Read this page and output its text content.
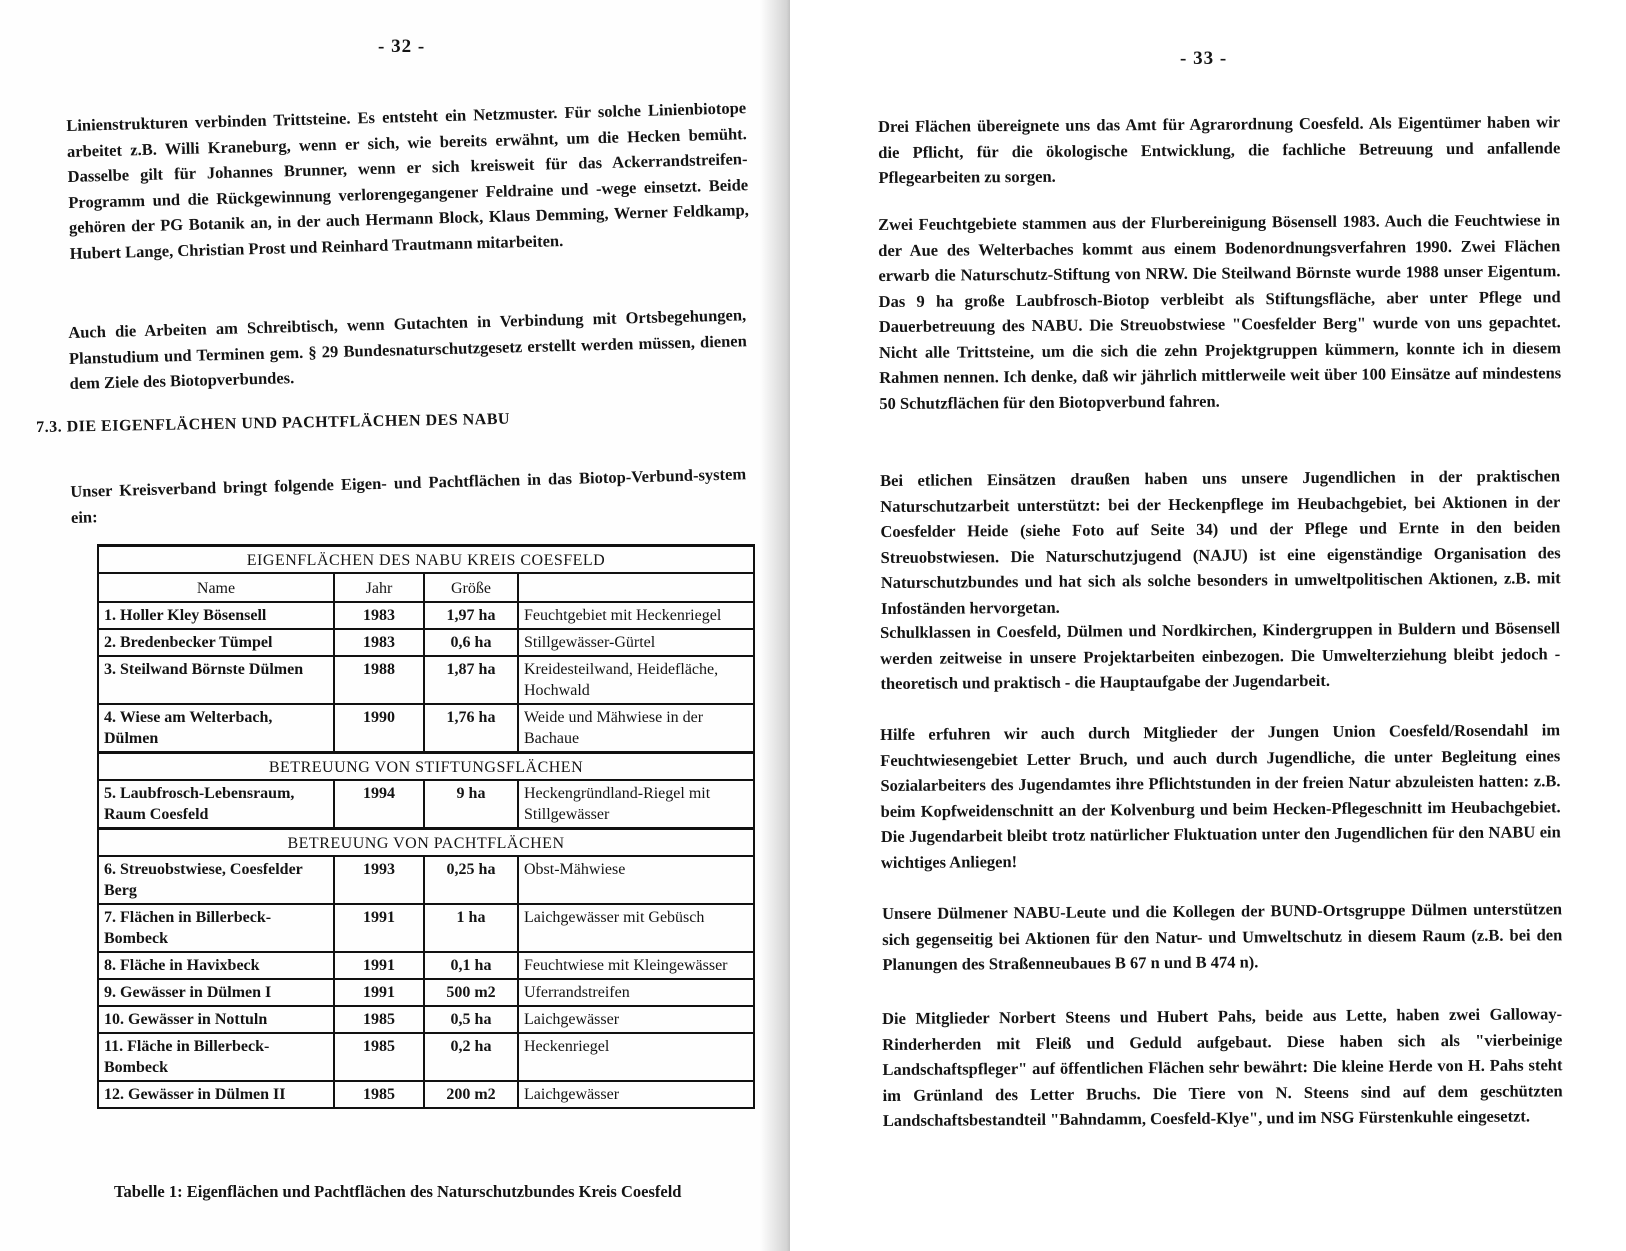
- 32 -

Linienstrukturen verbinden Trittsteine. Es entsteht ein Netzmuster. Für solche Linienbiotope arbeitet z.B. Willi Kraneburg, wenn er sich, wie bereits erwähnt, um die Hecken bemüht. Dasselbe gilt für Johannes Brunner, wenn er sich kreisweit für das Ackerrandstreifen-Programm und die Rückgewinnung verlorengegangener Feldraine und -wege einsetzt. Beide gehören der PG Botanik an, in der auch Hermann Block, Klaus Demming, Werner Feldkamp, Hubert Lange, Christian Prost und Reinhard Trautmann mitarbeiten.

Auch die Arbeiten am Schreibtisch, wenn Gutachten in Verbindung mit Ortsbegehungen, Planstudium und Terminen gem. § 29 Bundesnaturschutzgesetz erstellt werden müssen, dienen dem Ziele des Biotopverbundes.

7.3. DIE EIGENFLÄCHEN UND PACHTFLÄCHEN DES NABU

Unser Kreisverband bringt folgende Eigen- und Pachtflächen in das Biotop-Verbund-system ein:

EIGENFLÄCHEN DES NABU KREIS COESFELD			
Name	Jahr	Größe	
1. Holler Kley Bösensell	1983	1,97 ha	Feuchtgebiet mit Heckenriegel
2. Bredenbecker Tümpel	1983	0,6 ha	Stillgewässer-Gürtel
3. Steilwand Börnste Dülmen	1988	1,87 ha	Kreidesteilwand, Heidefläche, Hochwald
4. Wiese am Welterbach, Dülmen	1990	1,76 ha	Weide und Mähwiese in der Bachaue
BETREUUNG VON STIFTUNGSFLÄCHEN			
5. Laubfrosch-Lebensraum, Raum Coesfeld	1994	9 ha	Heckengründland-Riegel mit Stillgewässer
BETREUUNG VON PACHTFLÄCHEN			
6. Streuobstwiese, Coesfelder Berg	1993	0,25 ha	Obst-Mähwiese
7. Flächen in Billerbeck-Bombeck	1991	1 ha	Laichgewässer mit Gebüsch
8. Fläche in Havixbeck	1991	0,1 ha	Feuchtwiese mit Kleingewässer
9. Gewässer in Dülmen I	1991	500 m2	Uferrandstreifen
10. Gewässer in Nottuln	1985	0,5 ha	Laichgewässer
11. Fläche in Billerbeck-Bombeck	1985	0,2 ha	Heckenriegel
12. Gewässer in Dülmen II	1985	200 m2	Laichgewässer

Tabelle 1: Eigenflächen und Pachtflächen des Naturschutzbundes Kreis Coesfeld

- 33 -

Drei Flächen übereignete uns das Amt für Agrarordnung Coesfeld. Als Eigentümer haben wir die Pflicht, für die ökologische Entwicklung, die fachliche Betreuung und anfallende Pflegearbeiten zu sorgen.

Zwei Feuchtgebiete stammen aus der Flurbereinigung Bösensell 1983. Auch die Feuchtwiese in der Aue des Welterbaches kommt aus einem Bodenordnungsverfahren 1990. Zwei Flächen erwarb die Naturschutz-Stiftung von NRW. Die Steilwand Börnste wurde 1988 unser Eigentum. Das 9 ha große Laubfrosch-Biotop verbleibt als Stiftungsfläche, aber unter Pflege und Dauerbetreuung des NABU. Die Streuobstwiese "Coesfelder Berg" wurde von uns gepachtet. Nicht alle Trittsteine, um die sich die zehn Projektgruppen kümmern, konnte ich in diesem Rahmen nennen. Ich denke, daß wir jährlich mittlerweile weit über 100 Einsätze auf mindestens 50 Schutzflächen für den Biotopverbund fahren.

Bei etlichen Einsätzen draußen haben uns unsere Jugendlichen in der praktischen Naturschutzarbeit unterstützt: bei der Heckenpflege im Heubachgebiet, bei Aktionen in der Coesfelder Heide (siehe Foto auf Seite 34) und der Pflege und Ernte in den beiden Streuobstwiesen. Die Naturschutzjugend (NAJU) ist eine eigenständige Organisation des Naturschutzbundes und hat sich als solche besonders in umweltpolitischen Aktionen, z.B. mit Infoständen hervorgetan.

Schulklassen in Coesfeld, Dülmen und Nordkirchen, Kindergruppen in Buldern und Bösensell werden zeitweise in unsere Projektarbeiten einbezogen. Die Umwelterziehung bleibt jedoch - theoretisch und praktisch - die Hauptaufgabe der Jugendarbeit.

Hilfe erfuhren wir auch durch Mitglieder der Jungen Union Coesfeld/Rosendahl im Feuchtwiesengebiet Letter Bruch, und auch durch Jugendliche, die unter Begleitung eines Sozialarbeiters des Jugendamtes ihre Pflichtstunden in der freien Natur abzuleisten hatten: z.B. beim Kopfweidenschnitt an der Kolvenburg und beim Hecken-Pflegeschnitt im Heubachgebiet. Die Jugendarbeit bleibt trotz natürlicher Fluktuation unter den Jugendlichen für den NABU ein wichtiges Anliegen!

Unsere Dülmener NABU-Leute und die Kollegen der BUND-Ortsgruppe Dülmen unterstützen sich gegenseitig bei Aktionen für den Natur- und Umweltschutz in diesem Raum (z.B. bei den Planungen des Straßenneubaues B 67 n und B 474 n).

Die Mitglieder Norbert Steens und Hubert Pahs, beide aus Lette, haben zwei Galloway-Rinderherden mit Fleiß und Geduld aufgebaut. Diese haben sich als "vierbeinige Landschaftspfleger" auf öffentlichen Flächen sehr bewährt: Die kleine Herde von H. Pahs steht im Grünland des Letter Bruchs. Die Tiere von N. Steens sind auf dem geschützten Landschaftsbestandteil "Bahndamm, Coesfeld-Klye", und im NSG Fürstenkuhle eingesetzt.
